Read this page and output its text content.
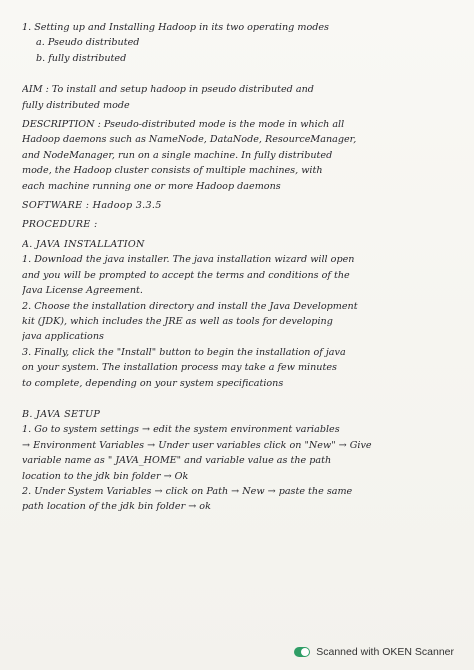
1. Setting up and Installing Hadoop in its two operating modes
a. Pseudo distributed
b. fully distributed
AIM : To install and setup hadoop in pseudo distributed and
fully distributed mode
DESCRIPTION : Pseudo-distributed mode is the mode in which all
Hadoop daemons such as NameNode, DataNode, ResourceManager,
and NodeManager, run on a single machine. In fully distributed
mode, the Hadoop cluster consists of multiple machines, with
each machine running one or more Hadoop daemons
SOFTWARE : Hadoop 3.3.5
PROCEDURE :
A. JAVA INSTALLATION
1. Download the java installer. The java installation wizard will open
and you will be prompted to accept the terms and conditions of the
Java License Agreement.
2. Choose the installation directory and install the Java Development
kit (JDK), which includes the JRE as well as tools for developing
java applications
3. Finally, click the "Install" button to begin the installation of java
on your system. The installation process may take a few minutes
to complete, depending on your system specifications
B. JAVA SETUP
1. Go to system settings → edit the system environment variables
→ Environment Variables → Under user variables click on "New" → Give
variable name as " JAVA_HOME" and variable value as the path
location to the jdk bin folder → Ok
2. Under System Variables → click on Path → New → paste the same
path location of the jdk bin folder → ok
Scanned with OKEN Scanner
